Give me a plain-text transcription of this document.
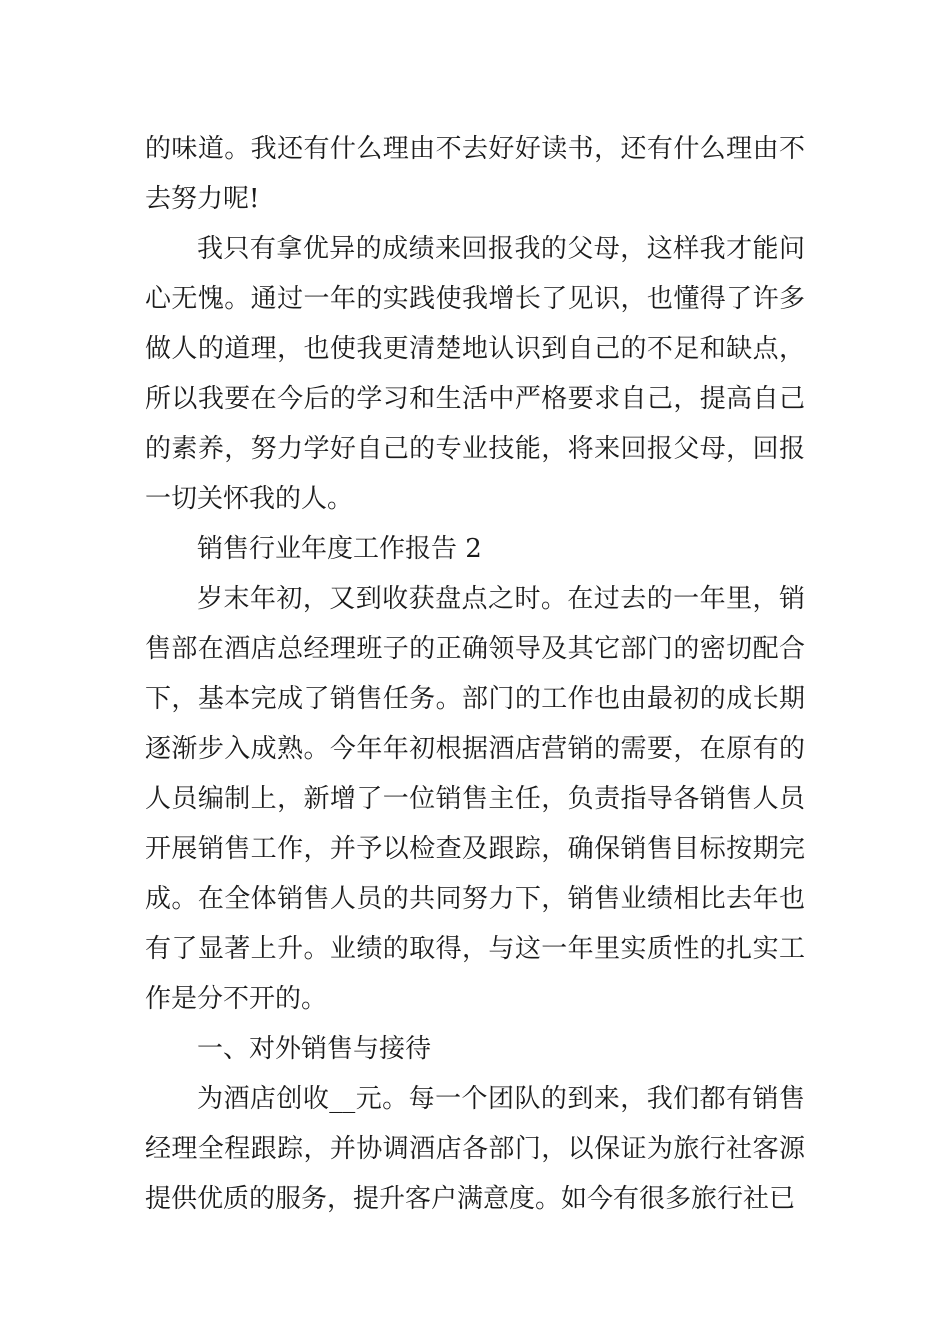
的味道。我还有什么理由不去好好读书，还有什么理由不去努力呢!

我只有拿优异的成绩来回报我的父母，这样我才能问心无愧。通过一年的实践使我增长了见识，也懂得了许多做人的道理，也使我更清楚地认识到自己的不足和缺点，所以我要在今后的学习和生活中严格要求自己，提高自己的素养，努力学好自己的专业技能，将来回报父母，回报一切关怀我的人。

销售行业年度工作报告 2

岁末年初，又到收获盘点之时。在过去的一年里，销售部在酒店总经理班子的正确领导及其它部门的密切配合下，基本完成了销售任务。部门的工作也由最初的成长期逐渐步入成熟。今年年初根据酒店营销的需要，在原有的人员编制上，新增了一位销售主任，负责指导各销售人员开展销售工作，并予以检查及跟踪，确保销售目标按期完成。在全体销售人员的共同努力下，销售业绩相比去年也有了显著上升。业绩的取得，与这一年里实质性的扎实工作是分不开的。

一、对外销售与接待

为酒店创收__元。每一个团队的到来，我们都有销售经理全程跟踪，并协调酒店各部门，以保证为旅行社客源提供优质的服务，提升客户满意度。如今有很多旅行社已
